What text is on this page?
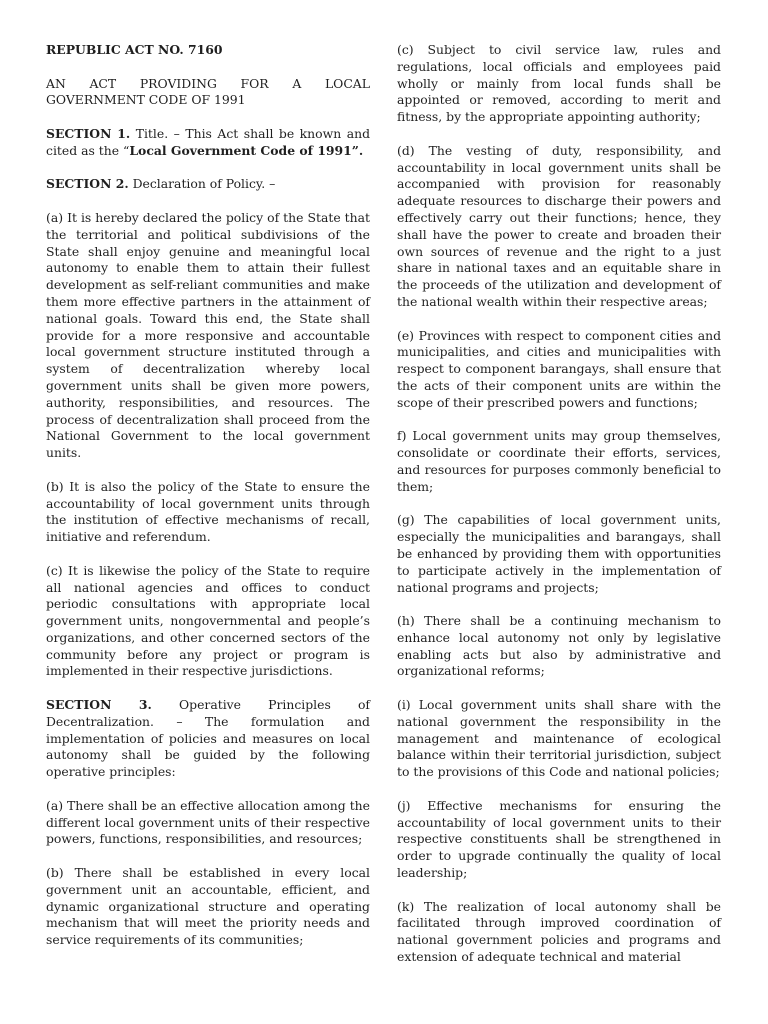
REPUBLIC ACT NO. 7160

AN ACT PROVIDING FOR A LOCAL GOVERNMENT CODE OF 1991

SECTION 1. Title. – This Act shall be known and cited as the “Local Government Code of 1991”.

SECTION 2. Declaration of Policy. –

(a) It is hereby declared the policy of the State that the territorial and political subdivisions of the State shall enjoy genuine and meaningful local autonomy to enable them to attain their fullest development as self-reliant communities and make them more effective partners in the attainment of national goals. Toward this end, the State shall provide for a more responsive and accountable local government structure instituted through a system of decentralization whereby local government units shall be given more powers, authority, responsibilities, and resources. The process of decentralization shall proceed from the National Government to the local government units.

(b) It is also the policy of the State to ensure the accountability of local government units through the institution of effective mechanisms of recall, initiative and referendum.

(c) It is likewise the policy of the State to require all national agencies and offices to conduct periodic consultations with appropriate local government units, nongovernmental and people’s organizations, and other concerned sectors of the community before any project or program is implemented in their respective jurisdictions.

SECTION 3. Operative Principles of Decentralization. – The formulation and implementation of policies and measures on local autonomy shall be guided by the following operative principles:

(a) There shall be an effective allocation among the different local government units of their respective powers, functions, responsibilities, and resources;

(b) There shall be established in every local government unit an accountable, efficient, and dynamic organizational structure and operating mechanism that will meet the priority needs and service requirements of its communities;

(c) Subject to civil service law, rules and regulations, local officials and employees paid wholly or mainly from local funds shall be appointed or removed, according to merit and fitness, by the appropriate appointing authority;

(d) The vesting of duty, responsibility, and accountability in local government units shall be accompanied with provision for reasonably adequate resources to discharge their powers and effectively carry out their functions; hence, they shall have the power to create and broaden their own sources of revenue and the right to a just share in national taxes and an equitable share in the proceeds of the utilization and development of the national wealth within their respective areas;

(e) Provinces with respect to component cities and municipalities, and cities and municipalities with respect to component barangays, shall ensure that the acts of their component units are within the scope of their prescribed powers and functions;

f) Local government units may group themselves, consolidate or coordinate their efforts, services, and resources for purposes commonly beneficial to them;

(g) The capabilities of local government units, especially the municipalities and barangays, shall be enhanced by providing them with opportunities to participate actively in the implementation of national programs and projects;

(h) There shall be a continuing mechanism to enhance local autonomy not only by legislative enabling acts but also by administrative and organizational reforms;

(i) Local government units shall share with the national government the responsibility in the management and maintenance of ecological balance within their territorial jurisdiction, subject to the provisions of this Code and national policies;

(j) Effective mechanisms for ensuring the accountability of local government units to their respective constituents shall be strengthened in order to upgrade continually the quality of local leadership;

(k) The realization of local autonomy shall be facilitated through improved coordination of national government policies and programs and extension of adequate technical and material
